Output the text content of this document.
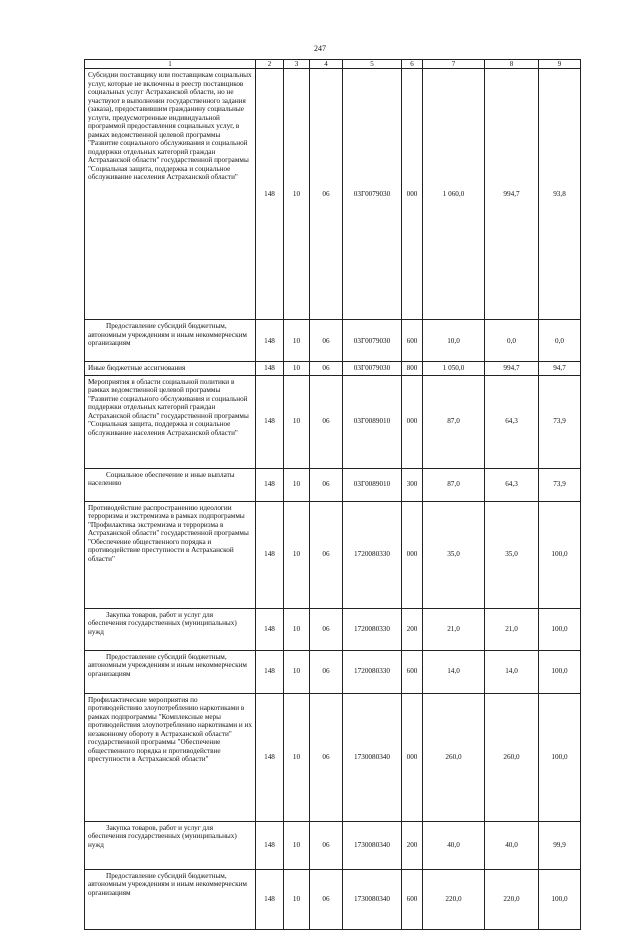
247
1	2	3	4	5	6	7	8	9
Субсидии поставщику или поставщикам социальных услуг, которые не включены в реестр поставщиков социальных услуг Астраханской области, но не участвуют в выполнении государственного задания (заказа), предоставившим гражданину социальные услуги, предусмотренные индивидуальной программой предоставления социальных услуг, в рамках ведомственной целевой программы "Развитие социального обслуживания и социальной поддержки отдельных категорий граждан Астраханской области" государственной программы "Социальная защита, поддержка и социальное обслуживание населения Астраханской области"	148	10	06	03Г0079030	000	1 060,0	994,7	93,8
Предоставление субсидий бюджетным, автономным учреждениям и иным некоммерческим организациям	148	10	06	03Г0079030	600	10,0	0,0	0,0
Иные бюджетные ассигнования	148	10	06	03Г0079030	800	1 050,0	994,7	94,7
Мероприятия в области социальной политики в рамках ведомственной целевой программы "Развитие социального обслуживания и социальной поддержки отдельных категорий граждан Астраханской области" государственной программы "Социальная защита, поддержка и социальное обслуживание населения Астраханской области"	148	10	06	03Г0089010	000	87,0	64,3	73,9
Социальное обеспечение и иные выплаты населению	148	10	06	03Г0089010	300	87,0	64,3	73,9
Противодействие распространению идеологии терроризма и экстремизма в рамках подпрограммы "Профилактика экстремизма и терроризма в Астраханской области" государственной программы "Обеспечение общественного порядка и противодействие преступности в Астраханской области"	148	10	06	1720080330	000	35,0	35,0	100,0
Закупка товаров, работ и услуг для обеспечения государственных (муниципальных) нужд	148	10	06	1720080330	200	21,0	21,0	100,0
Предоставление субсидий бюджетным, автономным учреждениям и иным некоммерческим организациям	148	10	06	1720080330	600	14,0	14,0	100,0
Профилактические мероприятия по противодействию злоупотреблению наркотиками в рамках подпрограммы "Комплексные меры противодействия злоупотреблению наркотиками и их незаконному обороту в Астраханской области" государственной программы "Обеспечение общественного порядка и противодействие преступности в Астраханской области"	148	10	06	1730080340	000	260,0	260,0	100,0
Закупка товаров, работ и услуг для обеспечения государственных (муниципальных) нужд	148	10	06	1730080340	200	40,0	40,0	99,9
Предоставление субсидий бюджетным, автономным учреждениям и иным некоммерческим организациям	148	10	06	1730080340	600	220,0	220,0	100,0
